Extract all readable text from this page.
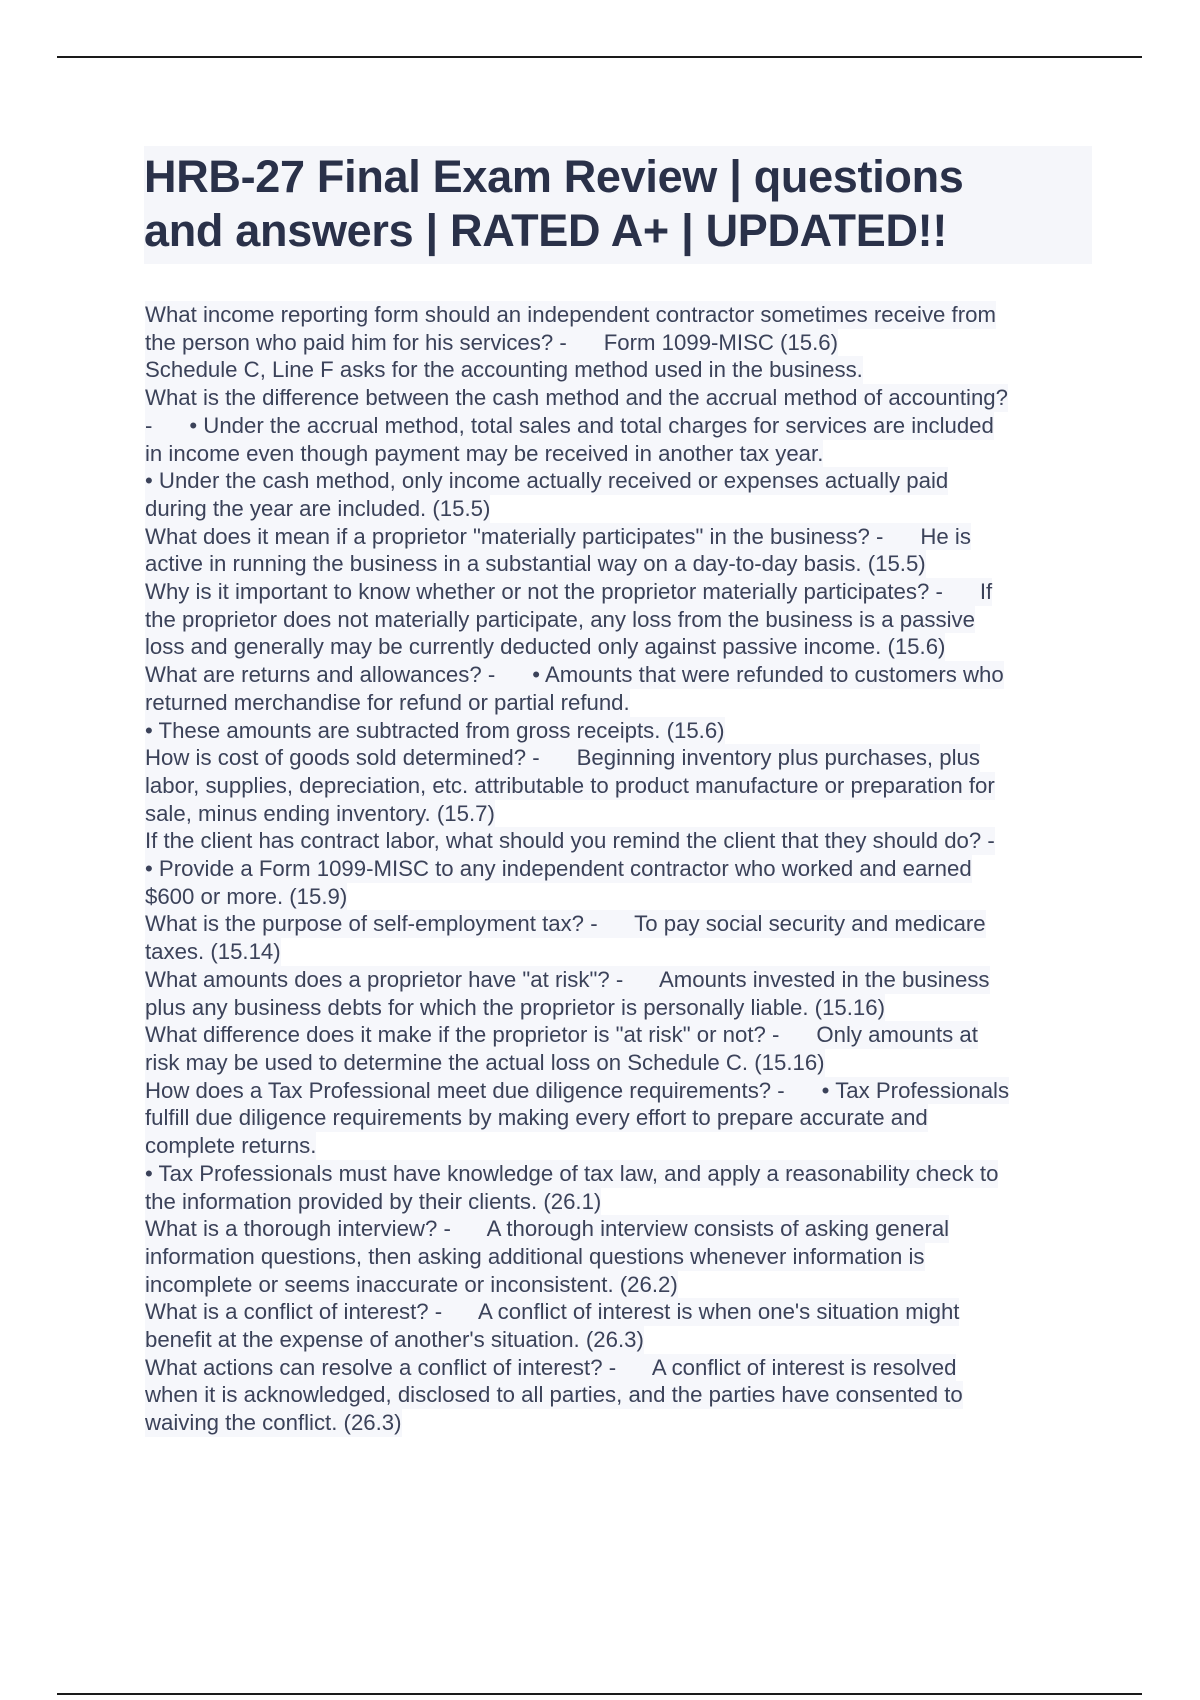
HRB-27 Final Exam Review | questions
and answers | RATED A+ | UPDATED!!
What income reporting form should an independent contractor sometimes receive from
the person who paid him for his services? -      Form 1099-MISC (15.6)
Schedule C, Line F asks for the accounting method used in the business.
What is the difference between the cash method and the accrual method of accounting?
-      • Under the accrual method, total sales and total charges for services are included
in income even though payment may be received in another tax year.
• Under the cash method, only income actually received or expenses actually paid
during the year are included. (15.5)
What does it mean if a proprietor "materially participates" in the business? -      He is
active in running the business in a substantial way on a day-to-day basis. (15.5)
Why is it important to know whether or not the proprietor materially participates? -      If
the proprietor does not materially participate, any loss from the business is a passive
loss and generally may be currently deducted only against passive income. (15.6)
What are returns and allowances? -      • Amounts that were refunded to customers who
returned merchandise for refund or partial refund.
• These amounts are subtracted from gross receipts. (15.6)
How is cost of goods sold determined? -      Beginning inventory plus purchases, plus
labor, supplies, depreciation, etc. attributable to product manufacture or preparation for
sale, minus ending inventory. (15.7)
If the client has contract labor, what should you remind the client that they should do? -
• Provide a Form 1099-MISC to any independent contractor who worked and earned
$600 or more. (15.9)
What is the purpose of self-employment tax? -      To pay social security and medicare
taxes. (15.14)
What amounts does a proprietor have "at risk"? -      Amounts invested in the business
plus any business debts for which the proprietor is personally liable. (15.16)
What difference does it make if the proprietor is "at risk" or not? -      Only amounts at
risk may be used to determine the actual loss on Schedule C. (15.16)
How does a Tax Professional meet due diligence requirements? -      • Tax Professionals
fulfill due diligence requirements by making every effort to prepare accurate and
complete returns.
• Tax Professionals must have knowledge of tax law, and apply a reasonability check to
the information provided by their clients. (26.1)
What is a thorough interview? -      A thorough interview consists of asking general
information questions, then asking additional questions whenever information is
incomplete or seems inaccurate or inconsistent. (26.2)
What is a conflict of interest? -      A conflict of interest is when one's situation might
benefit at the expense of another's situation. (26.3)
What actions can resolve a conflict of interest? -      A conflict of interest is resolved
when it is acknowledged, disclosed to all parties, and the parties have consented to
waiving the conflict. (26.3)
